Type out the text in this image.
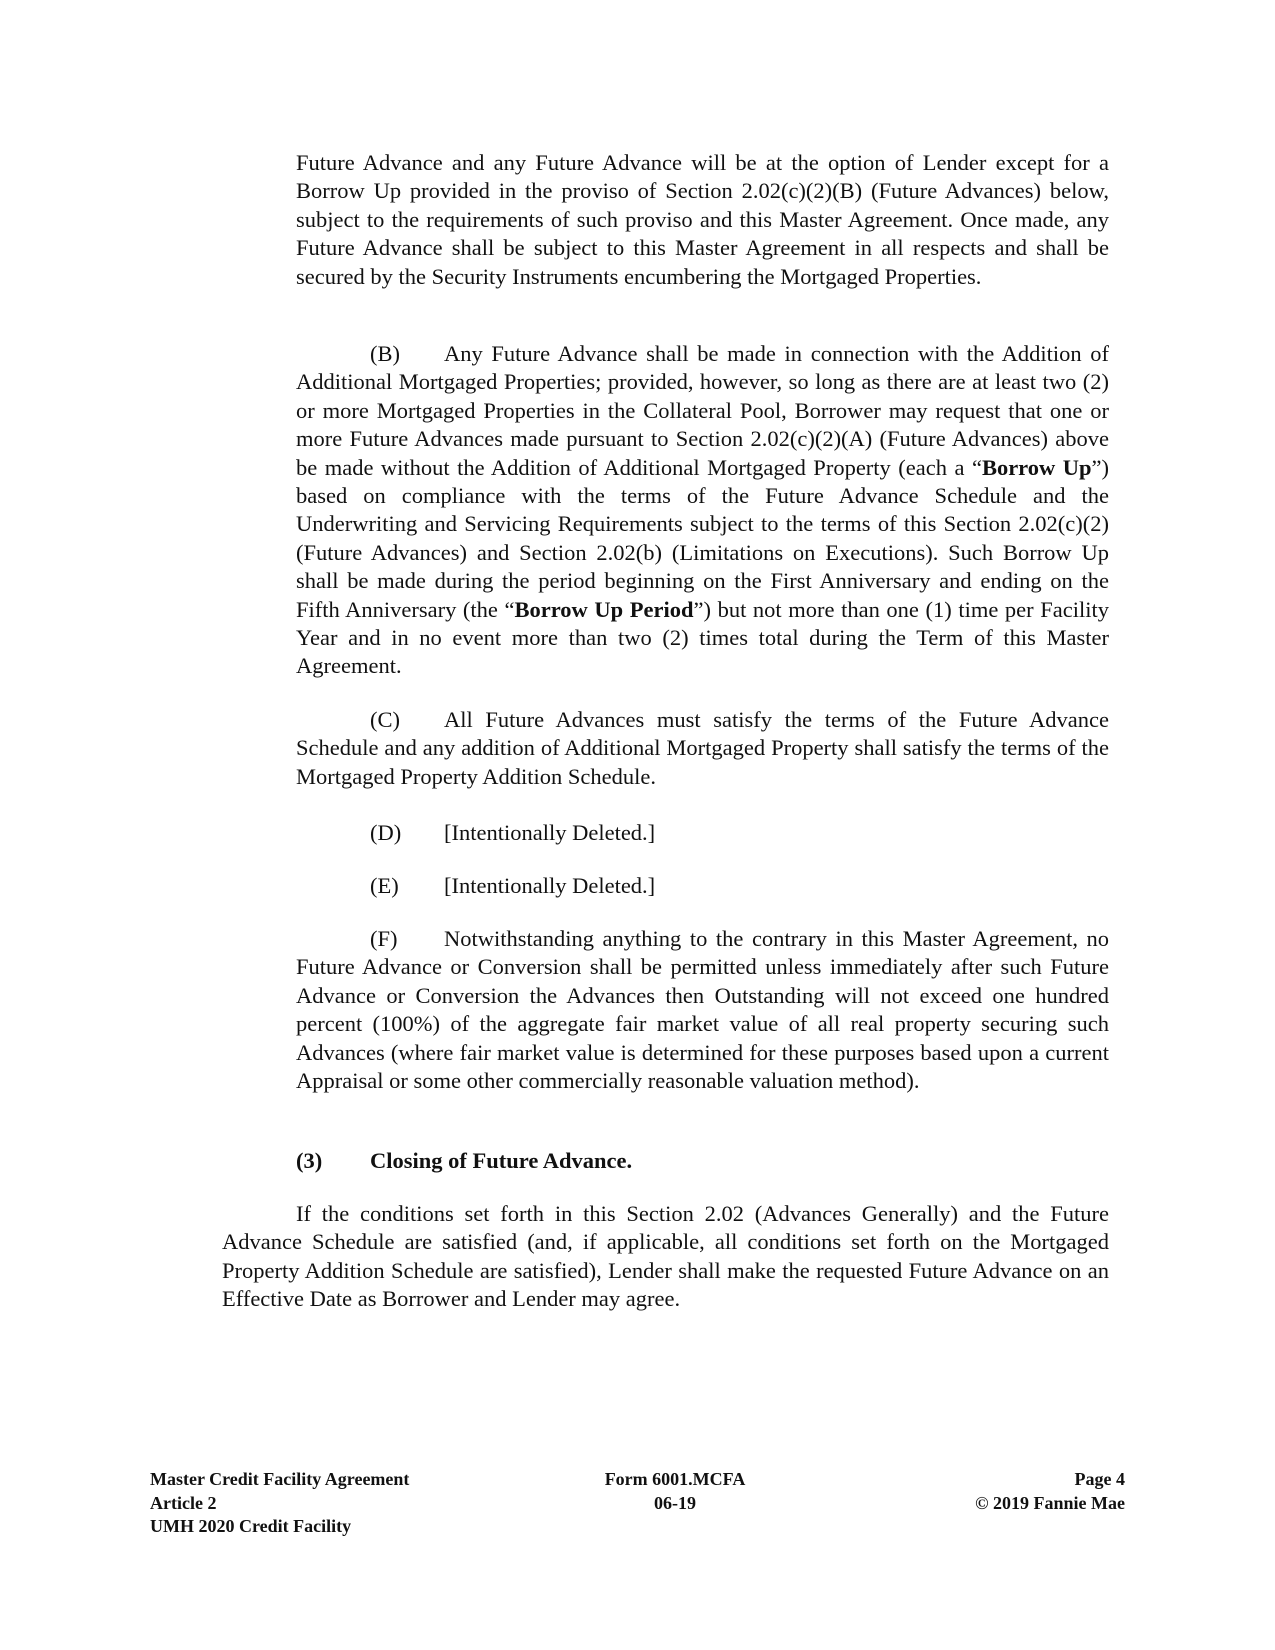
Future Advance and any Future Advance will be at the option of Lender except for a Borrow Up provided in the proviso of Section 2.02(c)(2)(B) (Future Advances) below, subject to the requirements of such proviso and this Master Agreement. Once made, any Future Advance shall be subject to this Master Agreement in all respects and shall be secured by the Security Instruments encumbering the Mortgaged Properties.

(B) Any Future Advance shall be made in connection with the Addition of Additional Mortgaged Properties; provided, however, so long as there are at least two (2) or more Mortgaged Properties in the Collateral Pool, Borrower may request that one or more Future Advances made pursuant to Section 2.02(c)(2)(A) (Future Advances) above be made without the Addition of Additional Mortgaged Property (each a “Borrow Up”) based on compliance with the terms of the Future Advance Schedule and the Underwriting and Servicing Requirements subject to the terms of this Section 2.02(c)(2) (Future Advances) and Section 2.02(b) (Limitations on Executions). Such Borrow Up shall be made during the period beginning on the First Anniversary and ending on the Fifth Anniversary (the “Borrow Up Period”) but not more than one (1) time per Facility Year and in no event more than two (2) times total during the Term of this Master Agreement.

(C) All Future Advances must satisfy the terms of the Future Advance Schedule and any addition of Additional Mortgaged Property shall satisfy the terms of the Mortgaged Property Addition Schedule.

(D) [Intentionally Deleted.]

(E) [Intentionally Deleted.]

(F) Notwithstanding anything to the contrary in this Master Agreement, no Future Advance or Conversion shall be permitted unless immediately after such Future Advance or Conversion the Advances then Outstanding will not exceed one hundred percent (100%) of the aggregate fair market value of all real property securing such Advances (where fair market value is determined for these purposes based upon a current Appraisal or some other commercially reasonable valuation method).

(3) Closing of Future Advance.

If the conditions set forth in this Section 2.02 (Advances Generally) and the Future Advance Schedule are satisfied (and, if applicable, all conditions set forth on the Mortgaged Property Addition Schedule are satisfied), Lender shall make the requested Future Advance on an Effective Date as Borrower and Lender may agree.

Master Credit Facility Agreement
Article 2
UMH 2020 Credit Facility
Form 6001.MCFA
06-19
Page 4
© 2019 Fannie Mae
